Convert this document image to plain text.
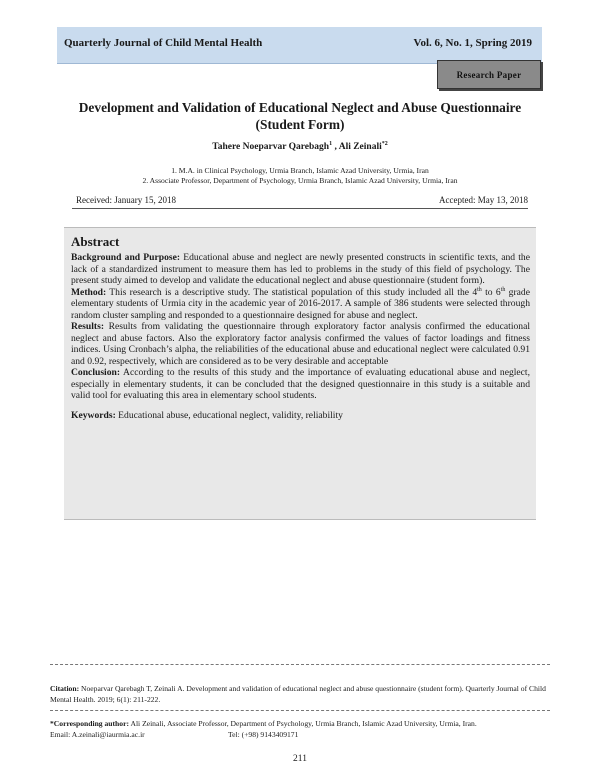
Quarterly Journal of Child Mental Health	Vol. 6, No. 1, Spring 2019
Research Paper
Development and Validation of Educational Neglect and Abuse Questionnaire
(Student Form)
Tahere Noeparvar Qarebagh$^1$ , Ali Zeinali$^{*2}$
1. M.A. in Clinical Psychology, Urmia Branch, Islamic Azad University, Urmia, Iran
2. Associate Professor, Department of Psychology, Urmia Branch, Islamic Azad University, Urmia, Iran
Received: January 15, 2018	Accepted: May 13, 2018
Abstract

Background and Purpose: Educational abuse and neglect are newly presented constructs in scientific texts, and the lack of a standardized instrument to measure them has led to problems in the study of this field of psychology. The present study aimed to develop and validate the educational neglect and abuse questionnaire (student form).

Method: This research is a descriptive study. The statistical population of this study included all the 4th to 6th grade elementary students of Urmia city in the academic year of 2016-2017. A sample of 386 students were selected through random cluster sampling and responded to a questionnaire designed for abuse and neglect.

Results: Results from validating the questionnaire through exploratory factor analysis confirmed the educational neglect and abuse factors. Also the exploratory factor analysis confirmed the values of factor loadings and fitness indices. Using Cronbach’s alpha, the reliabilities of the educational abuse and educational neglect were calculated 0.91 and 0.92, respectively, which are considered as to be very desirable and acceptable

Conclusion: According to the results of this study and the importance of evaluating educational abuse and neglect, especially in elementary students, it can be concluded that the designed questionnaire in this study is a suitable and valid tool for evaluating this area in elementary school students.

Keywords: Educational abuse, educational neglect, validity, reliability

Citation: Noeparvar Qarebagh T, Zeinali A. Development and validation of educational neglect and abuse questionnaire (student form). Quarterly Journal of Child Mental Health. 2019; 6(1): 211-222.
*Corresponding author: Ali Zeinali, Associate Professor, Department of Psychology, Urmia Branch, Islamic Azad University, Urmia, Iran.
Email: A.zeinali@iaurmia.ac.ir	Tel: (+98) 9143409171
211
